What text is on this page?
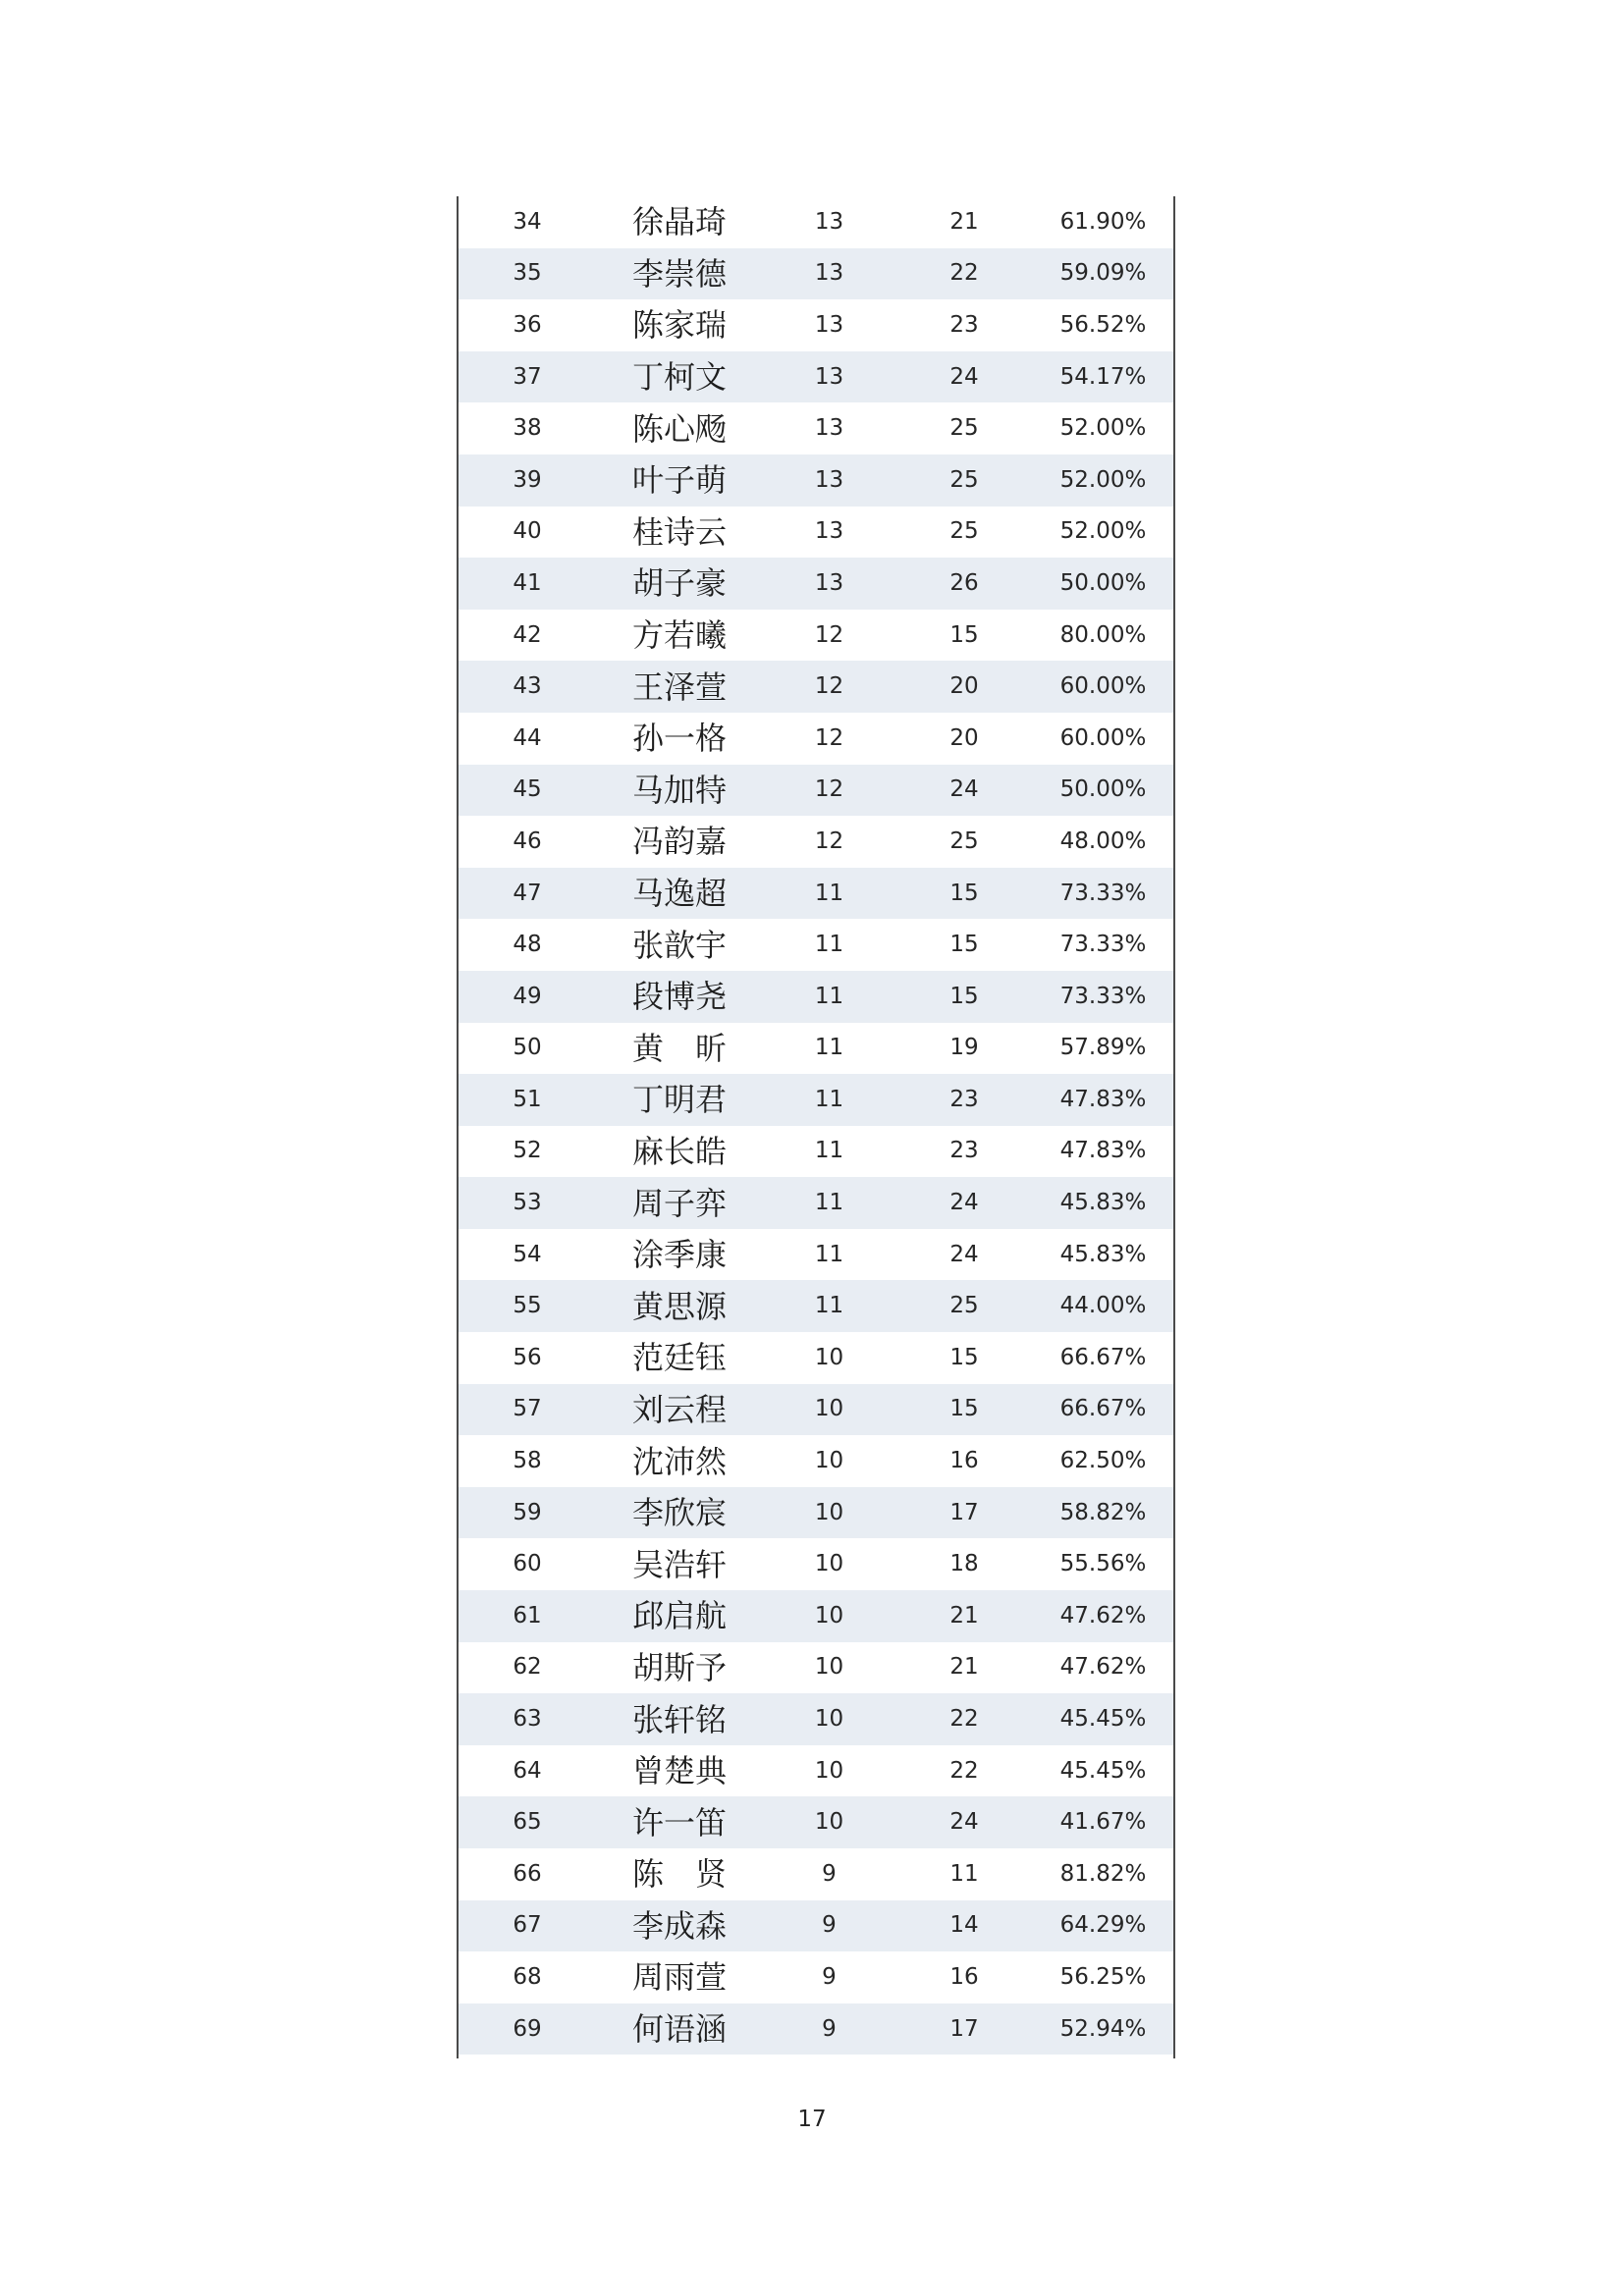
34	徐晶琦	13	21	61.90%
35	李崇德	13	22	59.09%
36	陈家瑞	13	23	56.52%
37	丁柯文	13	24	54.17%
38	陈心飏	13	25	52.00%
39	叶子萌	13	25	52.00%
40	桂诗云	13	25	52.00%
41	胡子豪	13	26	50.00%
42	方若曦	12	15	80.00%
43	王泽萱	12	20	60.00%
44	孙一格	12	20	60.00%
45	马加特	12	24	50.00%
46	冯韵嘉	12	25	48.00%
47	马逸超	11	15	73.33%
48	张歆宇	11	15	73.33%
49	段博尧	11	15	73.33%
50	黄　昕	11	19	57.89%
51	丁明君	11	23	47.83%
52	麻长皓	11	23	47.83%
53	周子弈	11	24	45.83%
54	涂季康	11	24	45.83%
55	黄思源	11	25	44.00%
56	范廷钰	10	15	66.67%
57	刘云程	10	15	66.67%
58	沈沛然	10	16	62.50%
59	李欣宸	10	17	58.82%
60	吴浩轩	10	18	55.56%
61	邱启航	10	21	47.62%
62	胡斯予	10	21	47.62%
63	张轩铭	10	22	45.45%
64	曾楚典	10	22	45.45%
65	许一笛	10	24	41.67%
66	陈　贤	9	11	81.82%
67	李成森	9	14	64.29%
68	周雨萱	9	16	56.25%
69	何语涵	9	17	52.94%
17
